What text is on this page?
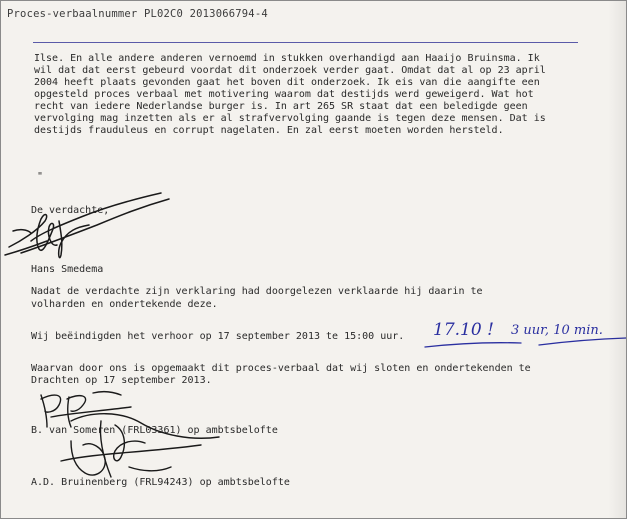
Proces-verbaalnummer PL02C0 2013066794-4
Ilse. En alle andere anderen vernoemd in stukken overhandigd aan Haaijo Bruinsma. Ik
wil dat dat eerst gebeurd voordat dit onderzoek verder gaat. Omdat dat al op 23 april
2004 heeft plaats gevonden gaat het boven dit onderzoek. Ik eis van die aangifte een
opgesteld proces verbaal met motivering waarom dat destijds werd geweigerd. Wat hot
recht van iedere Nederlandse burger is. In art 265 SR staat dat een beledigde geen
vervolging mag inzetten als er al strafvervolging gaande is tegen deze mensen. Dat is
destijds frauduleus en corrupt nagelaten. En zal eerst moeten worden hersteld.
"
De verdachte,
Hans Smedema
Nadat de verdachte zijn verklaring had doorgelezen verklaarde hij daarin te
volharden en ondertekende deze.
Wij beëindigden het verhoor op 17 september 2013 te 15:00 uur. 17.10 ! 3 uur, 10 min.
Waarvan door ons is opgemaakt dit proces-verbaal dat wij sloten en ondertekenden te
Drachten op 17 september 2013.
B. van Someren (FRL03361) op ambtsbelofte
A.D. Bruinenberg (FRL94243) op ambtsbelofte
